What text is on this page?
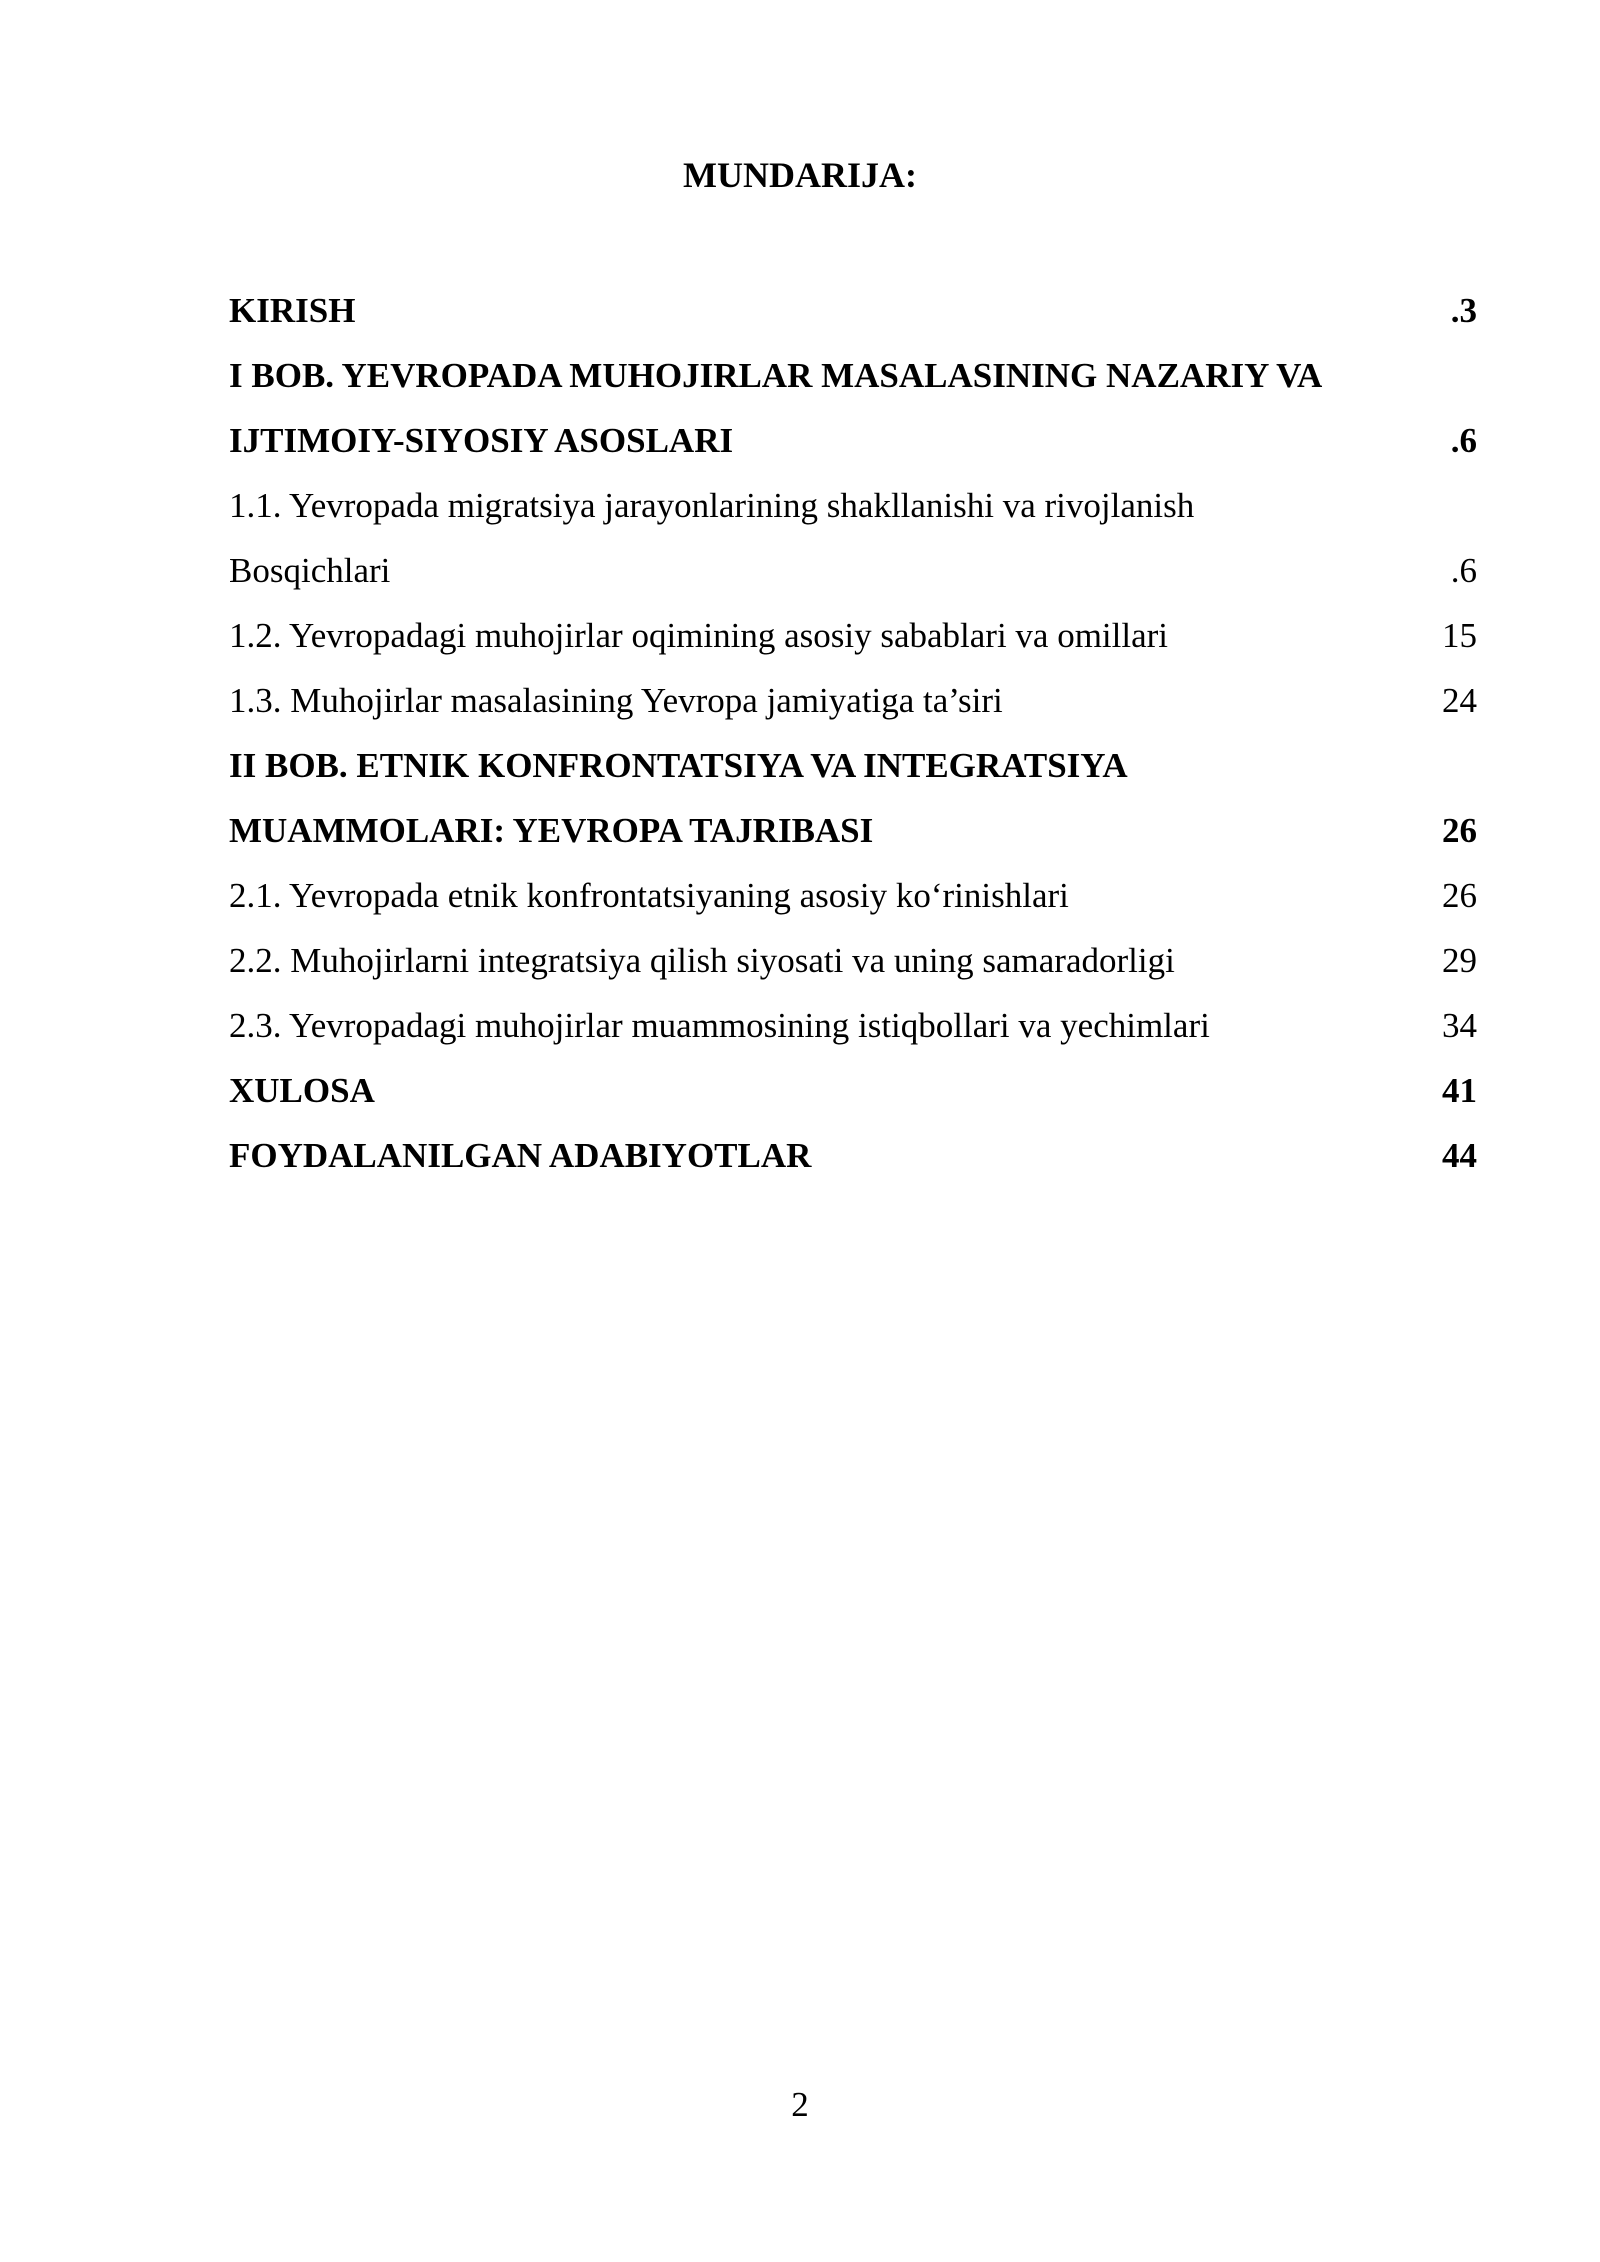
MUNDARIJA:
KIRISH	.3
I BOB. YEVROPADA MUHOJIRLAR MASALASINING NAZARIY VA
IJTIMOIY-SIYOSIY ASOSLARI	.6
1.1. Yevropada migratsiya jarayonlarining shakllanishi va rivojlanish
Bosqichlari	.6
1.2. Yevropadagi muhojirlar oqimining asosiy sabablari va omillari	15
1.3. Muhojirlar masalasining Yevropa jamiyatiga ta’siri	24
II BOB. ETNIK KONFRONTATSIYA VA INTEGRATSIYA
MUAMMOLARI: YEVROPA TAJRIBASI	26
2.1. Yevropada etnik konfrontatsiyaning asosiy ko‘rinishlari	26
2.2. Muhojirlarni integratsiya qilish siyosati va uning samaradorligi	29
2.3. Yevropadagi muhojirlar muammosining istiqbollari va yechimlari	34
XULOSA	41
FOYDALANILGAN ADABIYOTLAR	44
2
